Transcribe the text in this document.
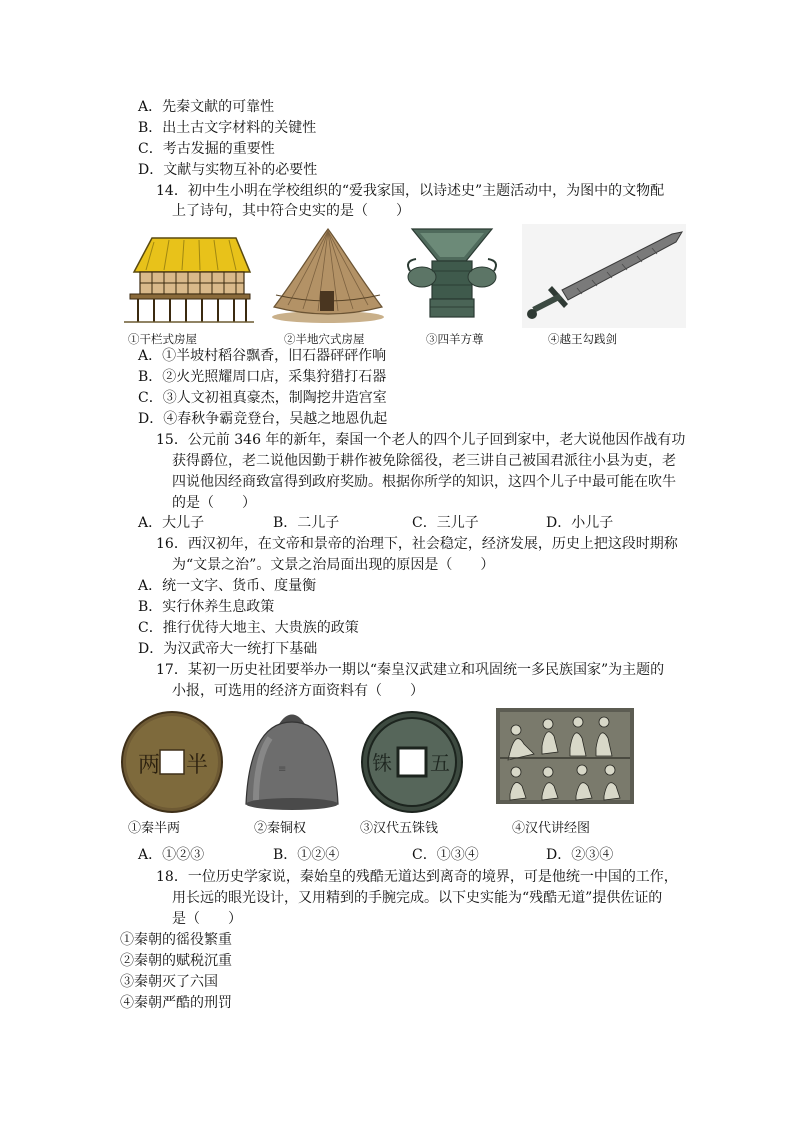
A．先秦文献的可靠性
B．出土古文字材料的关键性
C．考古发掘的重要性
D．文献与实物互补的必要性
14．初中生小明在学校组织的“爱我家国，以诗述史”主题活动中，为图中的文物配
上了诗句，其中符合史实的是（　　）
①干栏式房屋	②半地穴式房屋	③四羊方尊	④越王勾践剑
A．①半坡村稻谷飘香，旧石器砰砰作响
B．②火光照耀周口店，采集狩猎打石器
C．③人文初祖真豪杰，制陶挖井造宫室
D．④春秋争霸竞登台，吴越之地恩仇起
15．公元前 346 年的新年，秦国一个老人的四个儿子回到家中，老大说他因作战有功
获得爵位，老二说他因勤于耕作被免除徭役，老三讲自己被国君派往小县为吏，老
四说他因经商致富得到政府奖励。根据你所学的知识，这四个儿子中最可能在吹牛
的是（　　）
A．大儿子	B．二儿子	C．三儿子	D．小儿子
16．西汉初年，在文帝和景帝的治理下，社会稳定，经济发展，历史上把这段时期称
为“文景之治”。文景之治局面出现的原因是（　　）
A．统一文字、货币、度量衡
B．实行休养生息政策
C．推行优待大地主、大贵族的政策
D．为汉武帝大一统打下基础
17．某初一历史社团要举办一期以“秦皇汉武建立和巩固统一多民族国家”为主题的
小报，可选用的经济方面资料有（　　）
两 半	≡	铢 五
①秦半两	②秦铜权	③汉代五铢钱	④汉代讲经图
A．①②③	B．①②④	C．①③④	D．②③④
18．一位历史学家说，秦始皇的残酷无道达到离奇的境界，可是他统一中国的工作，
用长远的眼光设计，又用精到的手腕完成。以下史实能为“残酷无道”提供佐证的
是（　　）
①秦朝的徭役繁重
②秦朝的赋税沉重
③秦朝灭了六国
④秦朝严酷的刑罚
